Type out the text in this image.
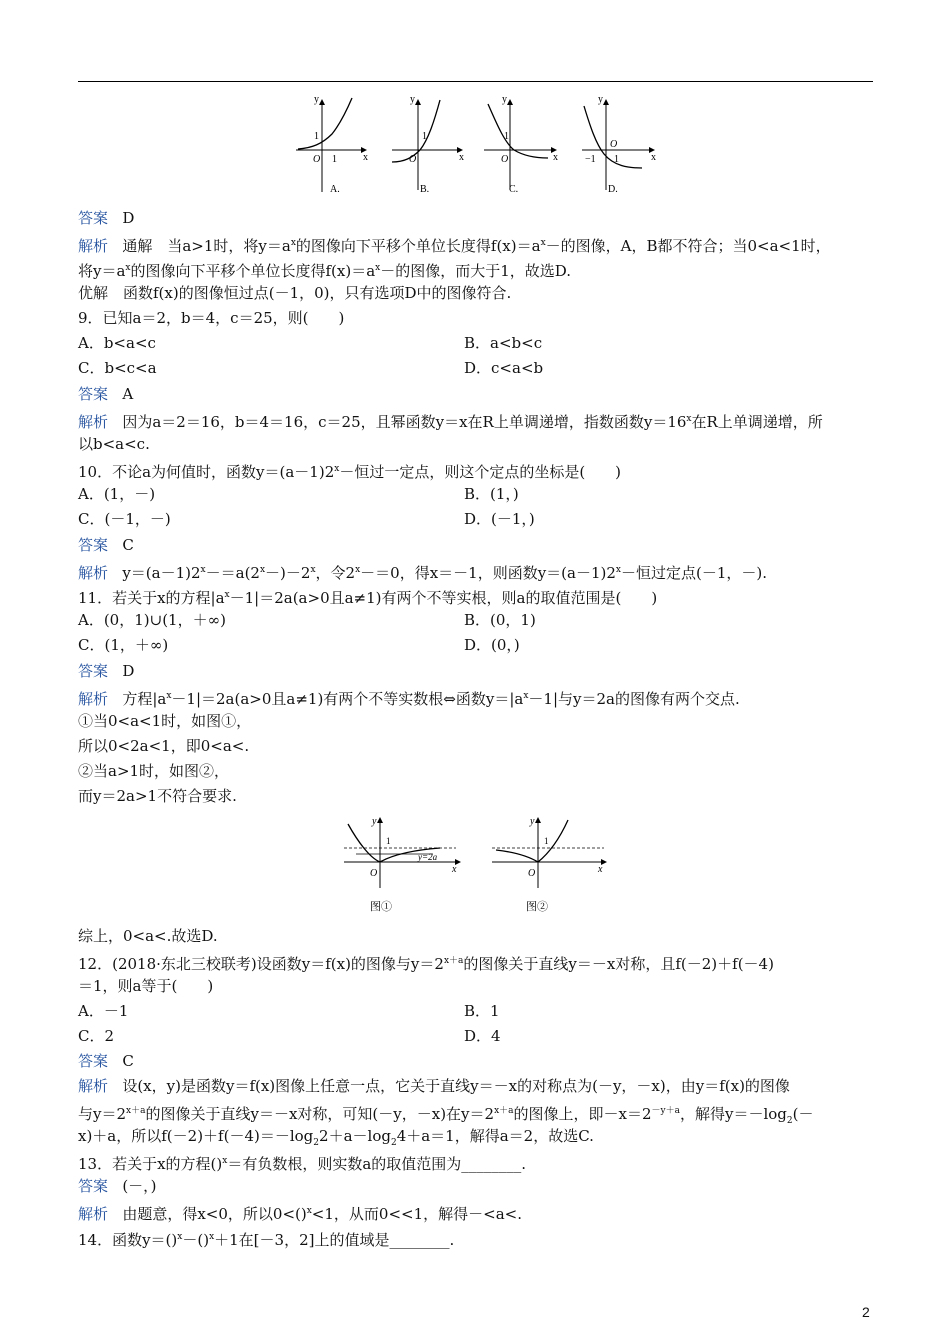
y
x
O
1
1
y
x
O
1
y
x
O
1
y
x
O
−1 1
A.	B.	C.	D.
答案 D
解析 通解　当a>1时，将$y=a^x$的图像向下平移个单位长度得$f(x)=a^x-$的图像，A，B都不符合；当0<a<1时，
将$y=a^x$的图像向下平移个单位长度得$f(x)=a^x-$的图像，而大于1，故选D.
优解　函数f(x)的图像恒过点(－1，0)，只有选项D中的图像符合.
9．已知a＝2，b＝4，c＝25，则(　　)
A．b<a<c	B．a<b<c
C．b<c<a	D．c<a<b
答案 A
解析 因为a＝2＝16，b＝4＝16，c＝25，且幂函数y＝x在R上单调递增，指数函数$y=16^x$在R上单调递增，所
以b<a<c.
10．不论a为何值时，函数$y=(a-1)2^x-$恒过一定点，则这个定点的坐标是(　　)
A．(1，－)	B．(1，)
C．(－1，－)	D．(－1，)
答案 C
解析 $y=(a-1)2^x-=a(2^x-)-2^x$，令$2^x-=0$，得x＝－1，则函数$y=(a-1)2^x-$恒过定点(－1，－).
11．若关于x的方程$|a^x-1|=2a(a>0$且a≠1)有两个不等实根，则a的取值范围是(　　)
A．(0，1)∪(1，＋∞)	B．(0，1)
C．(1，＋∞)	D．(0，)
答案 D
解析 方程$|a^x-1|=2a(a>0$且a≠1)有两个不等实数根⇔函数$y=|a^x-1|$与y＝2a的图像有两个交点.
①当0<a<1时，如图①，
所以0<2a<1，即0<a<.
②当a>1时，如图②，
而y＝2a>1不符合要求.
y
x
O
1
y=2a
图①
y
x
O
1
图②
综上，0<a<.故选D.
12．(2018·东北三校联考)设函数y＝f(x)的图像与$y=2^{x+a}$的图像关于直线y＝－x对称，且f(－2)＋f(－4)
＝1，则a等于(　　)
A．－1	B．1
C．2	D．4
答案 C
解析 设(x，y)是函数y＝f(x)图像上任意一点，它关于直线y＝－x的对称点为(－y，－x)，由y＝f(x)的图像
与$y=2^{x+a}$的图像关于直线y＝－x对称，可知(－y，－x)在$y=2^{x+a}$的图像上，即$-x=2^{-y+a}$，解得$y=-\log_2(-$
x)＋a，所以$f(-2)+f(-4)=-\log_22+a-\log_24+a=1$，解得a＝2，故选C.
13．若关于x的方程()$^x$＝有负数根，则实数a的取值范围为________.
答案 (－，)
解析 由题意，得x<0，所以0<()$^x$<1，从而0<<1，解得－<a<.
14．函数y＝()$^x$－()$^x$＋1在[－3，2]上的值域是________.
2
